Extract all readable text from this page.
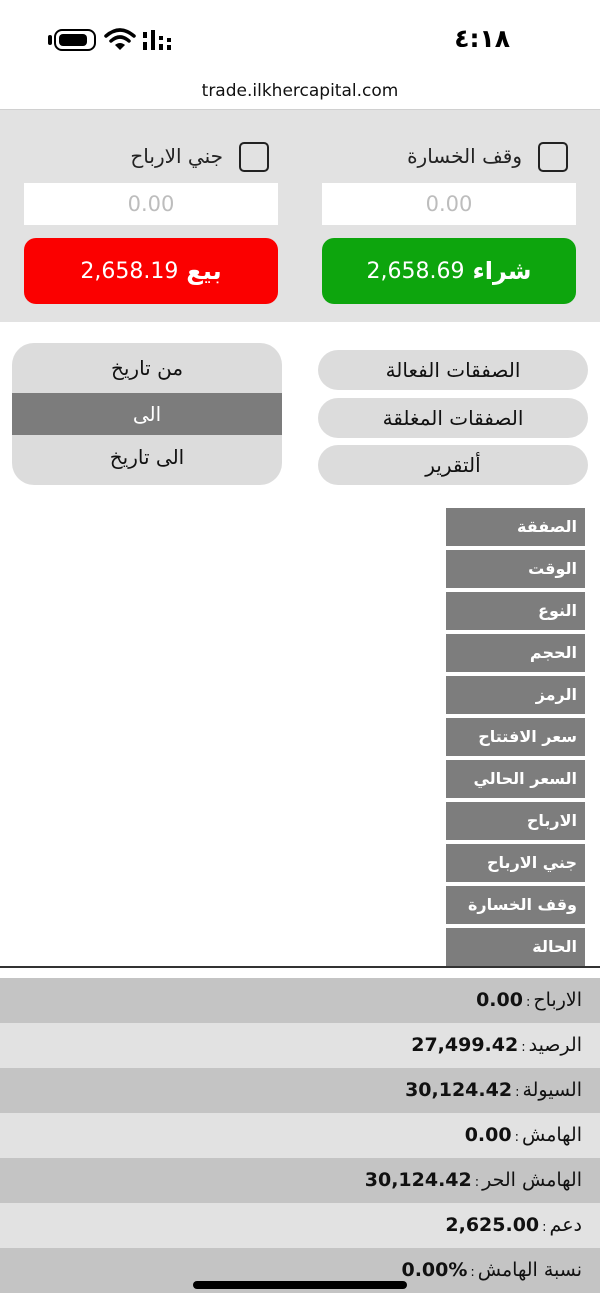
٤:١٨
trade.ilkhercapital.com
وقف الخسارة
جني الارباح
0.00
0.00
شراء
2,658.69
بيع
2,658.19
الصفقات الفعالة
الصفقات المغلقة
ألتقرير
من تاريخ
الى
الى تاريخ
الصفقة
الوقت
النوع
الحجم
الرمز
سعر الافتتاح
السعر الحالي
الارباح
جني الارباح
وقف الخسارة
الحالة
الارباح:0.00
الرصيد:27,499.42
السيولة:30,124.42
الهامش:0.00
الهامش الحر:30,124.42
دعم:2,625.00
نسبة الهامش:0.00%
